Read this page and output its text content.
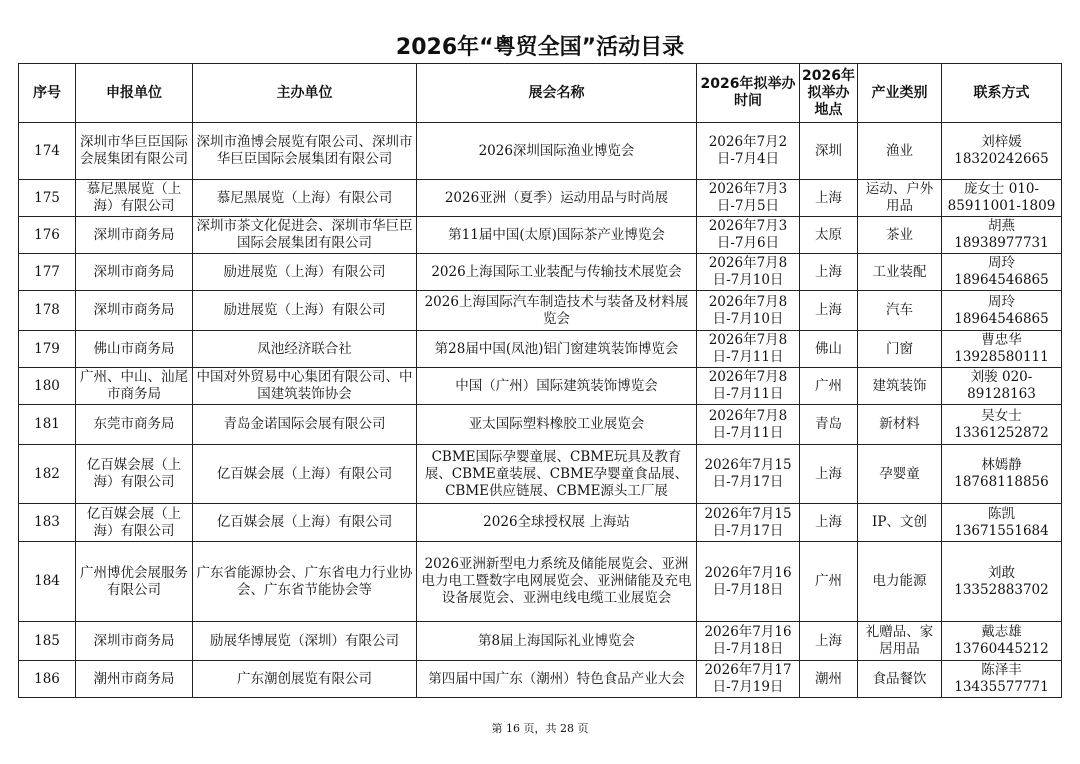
2026年“粤贸全国”活动目录
序号	申报单位	主办单位	展会名称	2026年拟举办时间	2026年拟举办地点	产业类别	联系方式
174	深圳市华巨臣国际会展集团有限公司	深圳市渔博会展览有限公司、深圳市华巨臣国际会展集团有限公司	2026深圳国际渔业博览会	2026年7月2日-7月4日	深圳	渔业	刘梓媛 18320242665
175	慕尼黑展览（上海）有限公司	慕尼黑展览（上海）有限公司	2026亚洲（夏季）运动用品与时尚展	2026年7月3日-7月5日	上海	运动、户外用品	庞女士 010-85911001-1809
176	深圳市商务局	深圳市茶文化促进会、深圳市华巨臣国际会展集团有限公司	第11届中国(太原)国际茶产业博览会	2026年7月3日-7月6日	太原	茶业	胡燕 18938977731
177	深圳市商务局	励进展览（上海）有限公司	2026上海国际工业装配与传输技术展览会	2026年7月8日-7月10日	上海	工业装配	周玲 18964546865
178	深圳市商务局	励进展览（上海）有限公司	2026上海国际汽车制造技术与装备及材料展览会	2026年7月8日-7月10日	上海	汽车	周玲 18964546865
179	佛山市商务局	凤池经济联合社	第28届中国(凤池)铝门窗建筑装饰博览会	2026年7月8日-7月11日	佛山	门窗	曹忠华 13928580111
180	广州、中山、汕尾市商务局	中国对外贸易中心集团有限公司、中国建筑装饰协会	中国（广州）国际建筑装饰博览会	2026年7月8日-7月11日	广州	建筑装饰	刘骏 020-89128163
181	东莞市商务局	青岛金诺国际会展有限公司	亚太国际塑料橡胶工业展览会	2026年7月8日-7月11日	青岛	新材料	吴女士 13361252872
182	亿百媒会展（上海）有限公司	亿百媒会展（上海）有限公司	CBME国际孕婴童展、CBME玩具及教育展、CBME童装展、CBME孕婴童食品展、CBME供应链展、CBME源头工厂展	2026年7月15日-7月17日	上海	孕婴童	林嫣静 18768118856
183	亿百媒会展（上海）有限公司	亿百媒会展（上海）有限公司	2026全球授权展 上海站	2026年7月15日-7月17日	上海	IP、文创	陈凯 13671551684
184	广州博优会展服务有限公司	广东省能源协会、广东省电力行业协会、广东省节能协会等	2026亚洲新型电力系统及储能展览会、亚洲电力电工暨数字电网展览会、亚洲储能及充电设备展览会、亚洲电线电缆工业展览会	2026年7月16日-7月18日	广州	电力能源	刘敢 13352883702
185	深圳市商务局	励展华博展览（深圳）有限公司	第8届上海国际礼业博览会	2026年7月16日-7月18日	上海	礼赠品、家居用品	戴志雄 13760445212
186	潮州市商务局	广东潮创展览有限公司	第四届中国广东（潮州）特色食品产业大会	2026年7月17日-7月19日	潮州	食品餐饮	陈泽丰 13435577771
第 16 页，共 28 页
